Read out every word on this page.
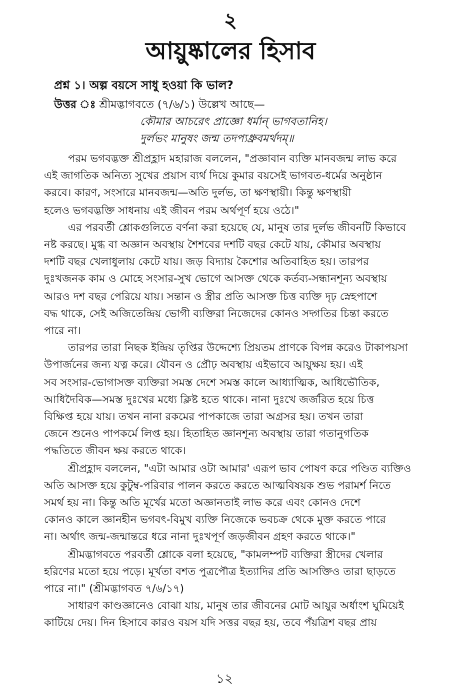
২
আয়ুষ্কালের হিসাব
প্রশ্ন ১। অল্প বয়সে সাধু হওয়া কি ভাল?
উত্তর ঃ শ্রীমদ্ভাগবতে (৭/৬/১) উল্লেখ আছে—
কৌমার আচরেৎ প্রাজ্ঞো ধর্মান্ ভাগবতানিহ।
দুর্লভং মানুষং জন্ম তদপ্যধ্রুবমর্থদম্॥
পরম ভগবদ্ভক্ত শ্রীপ্রহ্লাদ মহারাজ বললেন, "প্রজ্ঞাবান ব্যক্তি মানবজন্ম লাভ করে
এই জাগতিক অনিত্য সুখের প্রয়াস ব্যর্থ দিয়ে কুমার বয়সেই ভাগবত-ধর্মের অনুষ্ঠান
করবে। কারণ, সংসারে মানবজন্ম—অতি দুর্লভ, তা ক্ষণস্থায়ী। কিন্তু ক্ষণস্থায়ী
হলেও ভগবদ্ভক্তি সাধনায় এই জীবন পরম অর্থপূর্ণ হয়ে ওঠে।"
এর পরবর্তী শ্লোকগুলিতে বর্ণনা করা হয়েছে যে, মানুষ তার দুর্লভ জীবনটি কিভাবে
নষ্ট করছে। মুগ্ধ বা অজ্ঞান অবস্থায় শৈশবের দশটি বছর কেটে যায়, কৌমার অবস্থায়
দশটি বছর খেলাধুলায় কেটে যায়। জড় বিদ্যায় কৈশোর অতিবাহিত হয়। তারপর
দুঃখজনক কাম ও মোহে সংসার-সুখ ভোগে আসক্ত থেকে কর্তব্য-সন্ধানশূন্য অবস্থায়
আরও দশ বছর পেরিয়ে যায়। সন্তান ও স্ত্রীর প্রতি আসক্ত চিত্ত ব্যক্তি দৃঢ় স্নেহপাশে
বদ্ধ থাকে, সেই অজিতেন্দ্রিয় ভোগী ব্যক্তিরা নিজেদের কোনও সদ্গতির চিন্তা করতে
পারে না।
তারপর তারা নিছক ইন্দ্রিয় তৃপ্তির উদ্দেশ্যে প্রিয়তম প্রাণকে বিপন্ন করেও টাকাপয়সা
উপার্জনের জন্য যত্ন করে। যৌবন ও প্রৌঢ় অবস্থায় এইভাবে আয়ুক্ষয় হয়। এই
সব সংসার-ভোগাসক্ত ব্যক্তিরা সমস্ত দেশে সমস্ত কালে আধ্যাত্মিক, আধিভৌতিক,
আধিদৈবিক—সমস্ত দুঃখের মধ্যে ক্লিষ্ট হতে থাকে। নানা দুঃখে জর্জরিত হয়ে চিত্ত
বিক্ষিপ্ত হয়ে যায়। তখন নানা রকমের পাপকাজে তারা অগ্রসর হয়। তখন তারা
জেনে শুনেও পাপকর্মে লিপ্ত হয়। হিতাহিত জ্ঞানশূন্য অবস্থায় তারা গতানুগতিক
পদ্ধতিতে জীবন ক্ষয় করতে থাকে।
শ্রীপ্রহ্লাদ বললেন, "এটা আমার ওটা আমার' এরূপ ভাব পোষণ করে পণ্ডিত ব্যক্তিও
অতি আসক্ত হয়ে কুটুম্ব-পরিবার পালন করতে করতে আত্মবিষয়ক শুভ পরামর্শ নিতে
সমর্থ হয় না। কিন্তু অতি মূর্খের মতো অজ্ঞানতাই লাভ করে এবং কোনও দেশে
কোনও কালে জ্ঞানহীন ভগবৎ-বিমুখ ব্যক্তি নিজেকে ভবচক্র থেকে মুক্ত করতে পারে
না। অর্থাৎ জন্ম-জন্মান্তরে ধরে নানা দুঃখপূর্ণ জড়জীবন গ্রহণ করতে থাকে।"
শ্রীমদ্ভাগবতে পরবর্তী শ্লোকে বলা হয়েছে, "কামলম্পট ব্যক্তিরা স্ত্রীদের খেলার
হরিণের মতো হয়ে পড়ে। মূর্খতা বশত পুত্রপৌত্র ইত্যাদির প্রতি আসক্তিও তারা ছাড়তে
পারে না।" (শ্রীমদ্ভাগবত ৭/৬/১৭)
সাধারণ কাণ্ডজ্ঞানেও বোঝা যায়, মানুষ তার জীবনের মোট আয়ুর অর্ধাংশ ঘুমিয়েই
কাটিয়ে দেয়। দিন হিসাবে কারও বয়স যদি সত্তর বছর হয়, তবে পঁয়ত্রিশ বছর প্রায়
১২
